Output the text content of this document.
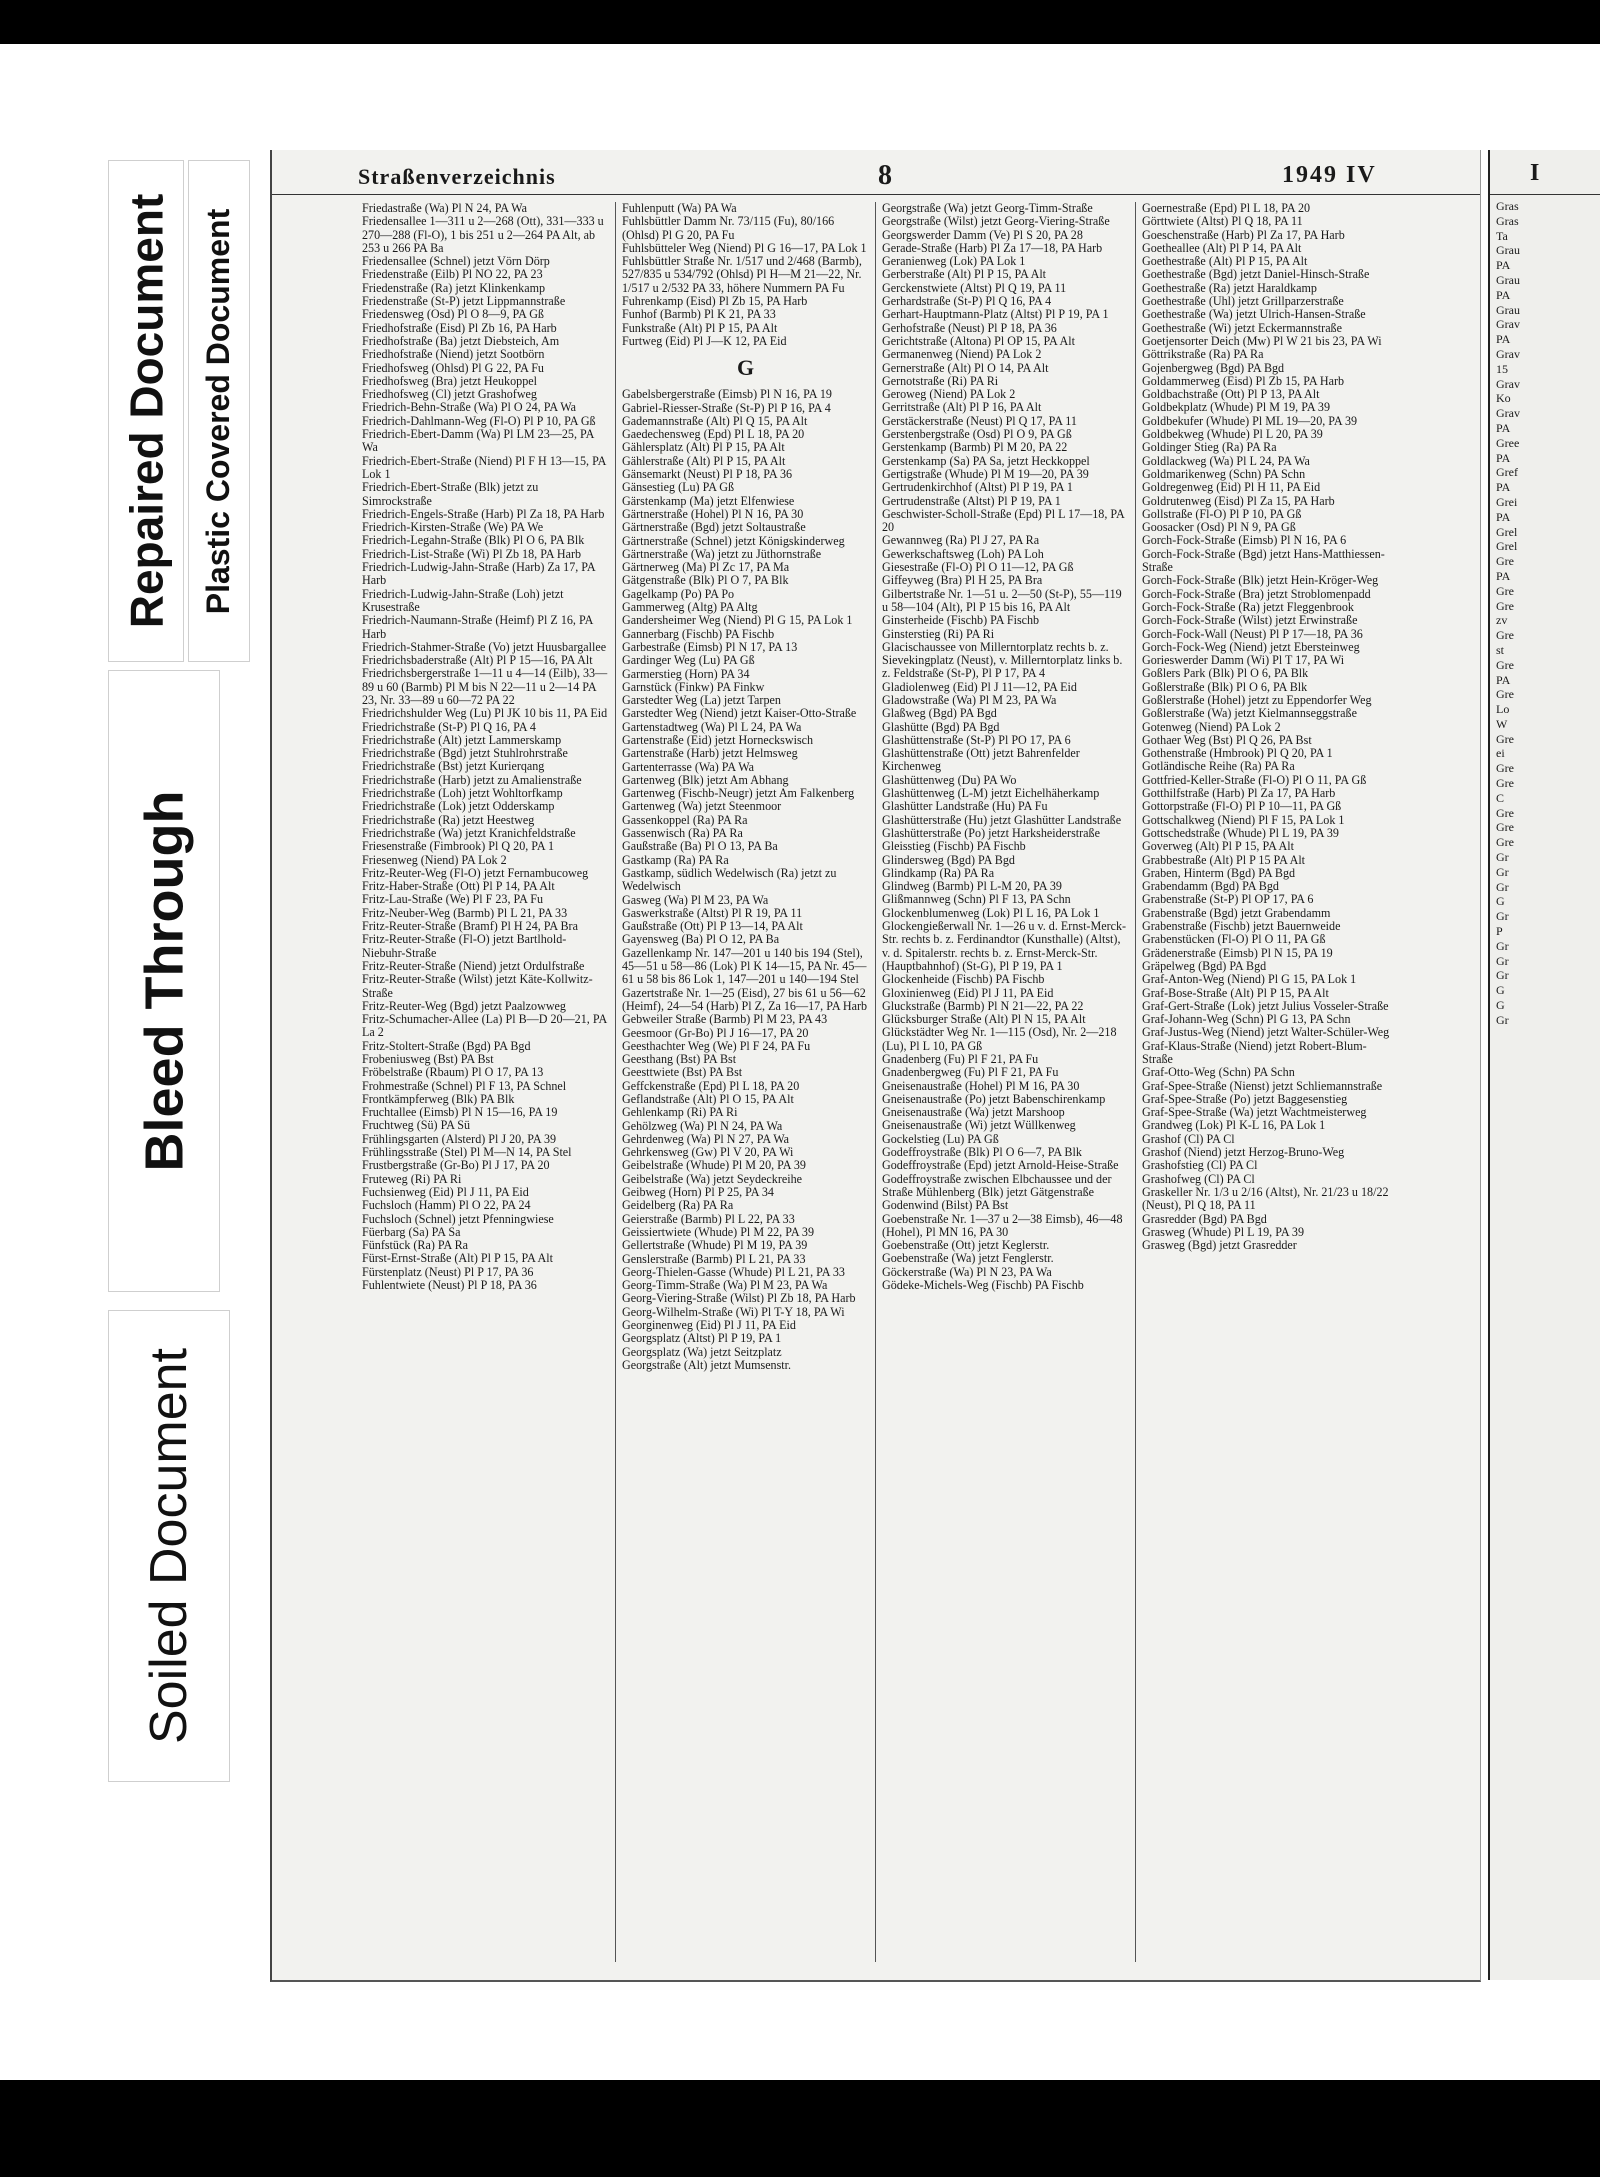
Repaired Document Plastic Covered Document
Bleed Through
Soiled Document
Straßenverzeichnis	8	1949 IV
Friedastraße (Wa) Pl N 24, PA Wa
Friedensallee 1—311 u 2—268 (Ott), 331—333 u 270—288 (Fl-O), 1 bis 251 u 2—264 PA Alt, ab 253 u 266 PA Ba
Friedensallee (Schnel) jetzt Vörn Dörp
Friedenstraße (Eilb) Pl NO 22, PA 23
Friedenstraße (Ra) jetzt Klinkenkamp
Friedenstraße (St-P) jetzt Lippmannstraße
Friedensweg (Osd) Pl O 8—9, PA Gß
Friedhofstraße (Eisd) Pl Zb 16, PA Harb
Friedhofstraße (Ba) jetzt Diebsteich, Am
Friedhofstraße (Niend) jetzt Sootbörn
Friedhofsweg (Ohlsd) Pl G 22, PA Fu
Friedhofsweg (Bra) jetzt Heukoppel
Friedhofsweg (Cl) jetzt Grashofweg
Friedrich-Behn-Straße (Wa) Pl O 24, PA Wa
Friedrich-Dahlmann-Weg (Fl-O) Pl P 10, PA Gß
Friedrich-Ebert-Damm (Wa) Pl LM 23—25, PA Wa
Friedrich-Ebert-Straße (Niend) Pl F H 13—15, PA Lok 1
Friedrich-Ebert-Straße (Blk) jetzt zu Simrockstraße
Friedrich-Engels-Straße (Harb) Pl Za 18, PA Harb
Friedrich-Kirsten-Straße (We) PA We
Friedrich-Legahn-Straße (Blk) Pl O 6, PA Blk
Friedrich-List-Straße (Wi) Pl Zb 18, PA Harb
Friedrich-Ludwig-Jahn-Straße (Harb) Za 17, PA Harb
Friedrich-Ludwig-Jahn-Straße (Loh) jetzt Krusestraße
Friedrich-Naumann-Straße (Heimf) Pl Z 16, PA Harb
Friedrich-Stahmer-Straße (Vo) jetzt Huusbargallee
Friedrichsbaderstraße (Alt) Pl P 15—16, PA Alt
Friedrichsbergerstraße 1—11 u 4—14 (Eilb), 33—89 u 60 (Barmb) Pl M bis N 22—11 u 2—14 PA 23, Nr. 33—89 u 60—72 PA 22
Friedrichshulder Weg (Lu) Pl JK 10 bis 11, PA Eid
Friedrichstraße (St-P) Pl Q 16, PA 4
Friedrichstraße (Alt) jetzt Lammerskamp
Friedrichstraße (Bgd) jetzt Stuhlrohrstraße
Friedrichstraße (Bst) jetzt Kurierqang
Friedrichstraße (Harb) jetzt zu Amalienstraße
Friedrichstraße (Loh) jetzt Wohltorfkamp
Friedrichstraße (Lok) jetzt Odderskamp
Friedrichstraße (Ra) jetzt Heestweg
Friedrichstraße (Wa) jetzt Kranichfeldstraße
Friesenstraße (Fimbrook) Pl Q 20, PA 1
Friesenweg (Niend) PA Lok 2
Fritz-Reuter-Weg (Fl-O) jetzt Fernambucoweg
Fritz-Haber-Straße (Ott) Pl P 14, PA Alt
Fritz-Lau-Straße (We) Pl F 23, PA Fu
Fritz-Neuber-Weg (Barmb) Pl L 21, PA 33
Fritz-Reuter-Straße (Bramf) Pl H 24, PA Bra
Fritz-Reuter-Straße (Fl-O) jetzt Bartlhold-Niebuhr-Straße
Fritz-Reuter-Straße (Niend) jetzt Ordulfstraße
Fritz-Reuter-Straße (Wilst) jetzt Käte-Kollwitz-Straße
Fritz-Reuter-Weg (Bgd) jetzt Paalzowweg
Fritz-Schumacher-Allee (La) Pl B—D 20—21, PA La 2
Fritz-Stoltert-Straße (Bgd) PA Bgd
Frobeniusweg (Bst) PA Bst
Fröbelstraße (Rbaum) Pl O 17, PA 13
Frohmestraße (Schnel) Pl F 13, PA Schnel
Frontkämpferweg (Blk) PA Blk
Fruchtallee (Eimsb) Pl N 15—16, PA 19
Fruchtweg (Sü) PA Sü
Frühlingsgarten (Alsterd) Pl J 20, PA 39
Frühlingsstraße (Stel) Pl M—N 14, PA Stel
Frustbergstraße (Gr-Bo) Pl J 17, PA 20
Fruteweg (Ri) PA Ri
Fuchsienweg (Eid) Pl J 11, PA Eid
Fuchsloch (Hamm) Pl O 22, PA 24
Fuchsloch (Schnel) jetzt Pfenningwiese
Füerbarg (Sa) PA Sa
Fünfstück (Ra) PA Ra
Fürst-Ernst-Straße (Alt) Pl P 15, PA Alt
Fürstenplatz (Neust) Pl P 17, PA 36
Fuhlentwiete (Neust) Pl P 18, PA 36
Fuhlenputt (Wa) PA Wa
Fuhlsbüttler Damm Nr. 73/115 (Fu), 80/166 (Ohlsd) Pl G 20, PA Fu
Fuhlsbütteler Weg (Niend) Pl G 16—17, PA Lok 1
Fuhlsbüttler Straße Nr. 1/517 und 2/468 (Barmb), 527/835 u 534/792 (Ohlsd) Pl H—M 21—22, Nr. 1/517 u 2/532 PA 33, höhere Nummern PA Fu
Fuhrenkamp (Eisd) Pl Zb 15, PA Harb
Funhof (Barmb) Pl K 21, PA 33
Funkstraße (Alt) Pl P 15, PA Alt
Furtweg (Eid) Pl J—K 12, PA Eid
G
Gabelsbergerstraße (Eimsb) Pl N 16, PA 19
Gabriel-Riesser-Straße (St-P) Pl P 16, PA 4
Gademannstraße (Alt) Pl Q 15, PA Alt
Gaedechensweg (Epd) Pl L 18, PA 20
Gählersplatz (Alt) Pl P 15, PA Alt
Gählerstraße (Alt) Pl P 15, PA Alt
Gänsemarkt (Neust) Pl P 18, PA 36
Gänsestieg (Lu) PA Gß
Gärstenkamp (Ma) jetzt Elfenwiese
Gärtnerstraße (Hohel) Pl N 16, PA 30
Gärtnerstraße (Bgd) jetzt Soltaustraße
Gärtnerstraße (Schnel) jetzt Königskinderweg
Gärtnerstraße (Wa) jetzt zu Jüthornstraße
Gärtnerweg (Ma) Pl Zc 17, PA Ma
Gätgenstraße (Blk) Pl O 7, PA Blk
Gagelkamp (Po) PA Po
Gammerweg (Altg) PA Altg
Gandersheimer Weg (Niend) Pl G 15, PA Lok 1
Gannerbarg (Fischb) PA Fischb
Garbestraße (Eimsb) Pl N 17, PA 13
Gardinger Weg (Lu) PA Gß
Garmerstieg (Horn) PA 34
Garnstück (Finkw) PA Finkw
Garstedter Weg (La) jetzt Tarpen
Garstedter Weg (Niend) jetzt Kaiser-Otto-Straße
Gartenstadtweg (Wa) Pl L 24, PA Wa
Gartenstraße (Eid) jetzt Horneckswisch
Gartenstraße (Harb) jetzt Helmsweg
Gartenterrasse (Wa) PA Wa
Gartenweg (Blk) jetzt Am Abhang
Gartenweg (Fischb-Neugr) jetzt Am Falkenberg
Gartenweg (Wa) jetzt Steenmoor
Gassenkoppel (Ra) PA Ra
Gassenwisch (Ra) PA Ra
Gaußstraße (Ba) Pl O 13, PA Ba
Gastkamp (Ra) PA Ra
Gastkamp, südlich Wedelwisch (Ra) jetzt zu Wedelwisch
Gasweg (Wa) Pl M 23, PA Wa
Gaswerkstraße (Altst) Pl R 19, PA 11
Gaußstraße (Ott) Pl P 13—14, PA Alt
Gayensweg (Ba) Pl O 12, PA Ba
Gazellenkamp Nr. 147—201 u 140 bis 194 (Stel), 45—51 u 58—86 (Lok) Pl K 14—15, PA Nr. 45—61 u 58 bis 86 Lok 1, 147—201 u 140—194 Stel
Gazertstraße Nr. 1—25 (Eisd), 27 bis 61 u 56—62 (Heimf), 24—54 (Harb) Pl Z, Za 16—17, PA Harb
Gebweiler Straße (Barmb) Pl M 23, PA 43
Geesmoor (Gr-Bo) Pl J 16—17, PA 20
Geesthachter Weg (We) Pl F 24, PA Fu
Geesthang (Bst) PA Bst
Geesttwiete (Bst) PA Bst
Geffckenstraße (Epd) Pl L 18, PA 20
Geflandstraße (Alt) Pl O 15, PA Alt
Gehlenkamp (Ri) PA Ri
Gehölzweg (Wa) Pl N 24, PA Wa
Gehrdenweg (Wa) Pl N 27, PA Wa
Gehrkensweg (Gw) Pl V 20, PA Wi
Geibelstraße (Whude) Pl M 20, PA 39
Geibelstraße (Wa) jetzt Seydeckreihe
Geibweg (Horn) Pl P 25, PA 34
Geidelberg (Ra) PA Ra
Geierstraße (Barmb) Pl L 22, PA 33
Geissiertwiete (Whude) Pl M 22, PA 39
Gellertstraße (Whude) Pl M 19, PA 39
Genslerstraße (Barmb) Pl L 21, PA 33
Georg-Thielen-Gasse (Whude) Pl L 21, PA 33
Georg-Timm-Straße (Wa) Pl M 23, PA Wa
Georg-Viering-Straße (Wilst) Pl Zb 18, PA Harb
Georg-Wilhelm-Straße (Wi) Pl T-Y 18, PA Wi
Georginenweg (Eid) Pl J 11, PA Eid
Georgsplatz (Altst) Pl P 19, PA 1
Georgsplatz (Wa) jetzt Seitzplatz
Georgstraße (Alt) jetzt Mumsenstr.
Georgstraße (Wa) jetzt Georg-Timm-Straße
Georgstraße (Wilst) jetzt Georg-Viering-Straße
Georgswerder Damm (Ve) Pl S 20, PA 28
Gerade-Straße (Harb) Pl Za 17—18, PA Harb
Geranienweg (Lok) PA Lok 1
Gerberstraße (Alt) Pl P 15, PA Alt
Gerckenstwiete (Altst) Pl Q 19, PA 11
Gerhardstraße (St-P) Pl Q 16, PA 4
Gerhart-Hauptmann-Platz (Altst) Pl P 19, PA 1
Gerhofstraße (Neust) Pl P 18, PA 36
Gerichtstraße (Altona) Pl OP 15, PA Alt
Germanenweg (Niend) PA Lok 2
Gernerstraße (Alt) Pl O 14, PA Alt
Gernotstraße (Ri) PA Ri
Geroweg (Niend) PA Lok 2
Gerritstraße (Alt) Pl P 16, PA Alt
Gerstäckerstraße (Neust) Pl Q 17, PA 11
Gerstenbergstraße (Osd) Pl O 9, PA Gß
Gerstenkamp (Barmb) Pl M 20, PA 22
Gerstenkamp (Sa) PA Sa, jetzt Heckkoppel
Gertigstraße (Whude) Pl M 19—20, PA 39
Gertrudenkirchhof (Altst) Pl P 19, PA 1
Gertrudenstraße (Altst) Pl P 19, PA 1
Geschwister-Scholl-Straße (Epd) Pl L 17—18, PA 20
Gewannweg (Ra) Pl J 27, PA Ra
Gewerkschaftsweg (Loh) PA Loh
Giesestraße (Fl-O) Pl O 11—12, PA Gß
Giffeyweg (Bra) Pl H 25, PA Bra
Gilbertstraße Nr. 1—51 u. 2—50 (St-P), 55—119 u 58—104 (Alt), Pl P 15 bis 16, PA Alt
Ginsterheide (Fischb) PA Fischb
Ginsterstieg (Ri) PA Ri
Glacischaussee von Millerntorplatz rechts b. z. Sievekingplatz (Neust), v. Millerntorplatz links b. z. Feldstraße (St-P), Pl P 17, PA 4
Gladiolenweg (Eid) Pl J 11—12, PA Eid
Gladowstraße (Wa) Pl M 23, PA Wa
Glaßweg (Bgd) PA Bgd
Glashütte (Bgd) PA Bgd
Glashüttenstraße (St-P) Pl PO 17, PA 6
Glashüttenstraße (Ott) jetzt Bahrenfelder Kirchenweg
Glashüttenweg (Du) PA Wo
Glashüttenweg (L-M) jetzt Eichelhäherkamp
Glashütter Landstraße (Hu) PA Fu
Glashütterstraße (Hu) jetzt Glashütter Landstraße
Glashütterstraße (Po) jetzt Harksheiderstraße
Gleisstieg (Fischb) PA Fischb
Glindersweg (Bgd) PA Bgd
Glindkamp (Ra) PA Ra
Glindweg (Barmb) Pl L-M 20, PA 39
Glißmannweg (Schn) Pl F 13, PA Schn
Glockenblumenweg (Lok) Pl L 16, PA Lok 1
Glockengießerwall Nr. 1—26 u v. d. Ernst-Merck-Str. rechts b. z. Ferdinandtor (Kunsthalle) (Altst), v. d. Spitalerstr. rechts b. z. Ernst-Merck-Str. (Hauptbahnhof) (St-G), Pl P 19, PA 1
Glockenheide (Fischb) PA Fischb
Gloxinienweg (Eid) Pl J 11, PA Eid
Gluckstraße (Barmb) Pl N 21—22, PA 22
Glücksburger Straße (Alt) Pl N 15, PA Alt
Glückstädter Weg Nr. 1—115 (Osd), Nr. 2—218 (Lu), Pl L 10, PA Gß
Gnadenberg (Fu) Pl F 21, PA Fu
Gnadenbergweg (Fu) Pl F 21, PA Fu
Gneisenaustraße (Hohel) Pl M 16, PA 30
Gneisenaustraße (Po) jetzt Babenschirenkamp
Gneisenaustraße (Wa) jetzt Marshoop
Gneisenaustraße (Wi) jetzt Wüllkenweg
Gockelstieg (Lu) PA Gß
Godeffroystraße (Blk) Pl O 6—7, PA Blk
Godeffroystraße (Epd) jetzt Arnold-Heise-Straße
Godeffroystraße zwischen Elbchaussee und der Straße Mühlenberg (Blk) jetzt Gätgenstraße
Godenwind (Bilst) PA Bst
Goebenstraße Nr. 1—37 u 2—38 Eimsb), 46—48 (Hohel), Pl MN 16, PA 30
Goebenstraße (Ott) jetzt Keglerstr.
Goebenstraße (Wa) jetzt Fenglerstr.
Göckerstraße (Wa) Pl N 23, PA Wa
Gödeke-Michels-Weg (Fischb) PA Fischb
Goernestraße (Epd) Pl L 18, PA 20
Görttwiete (Altst) Pl Q 18, PA 11
Goeschenstraße (Harb) Pl Za 17, PA Harb
Goetheallee (Alt) Pl P 14, PA Alt
Goethestraße (Alt) Pl P 15, PA Alt
Goethestraße (Bgd) jetzt Daniel-Hinsch-Straße
Goethestraße (Ra) jetzt Haraldkamp
Goethestraße (Uhl) jetzt Grillparzerstraße
Goethestraße (Wa) jetzt Ulrich-Hansen-Straße
Goethestraße (Wi) jetzt Eckermannstraße
Goetjensorter Deich (Mw) Pl W 21 bis 23, PA Wi
Göttrikstraße (Ra) PA Ra
Gojenbergweg (Bgd) PA Bgd
Goldammerweg (Eisd) Pl Zb 15, PA Harb
Goldbachstraße (Ott) Pl P 13, PA Alt
Goldbekplatz (Whude) Pl M 19, PA 39
Goldbekufer (Whude) Pl ML 19—20, PA 39
Goldbekweg (Whude) Pl L 20, PA 39
Goldinger Stieg (Ra) PA Ra
Goldlackweg (Wa) Pl L 24, PA Wa
Goldmarikenweg (Schn) PA Schn
Goldregenweg (Eid) Pl H 11, PA Eid
Goldrutenweg (Eisd) Pl Za 15, PA Harb
Gollstraße (Fl-O) Pl P 10, PA Gß
Goosacker (Osd) Pl N 9, PA Gß
Gorch-Fock-Straße (Eimsb) Pl N 16, PA 6
Gorch-Fock-Straße (Bgd) jetzt Hans-Matthiessen-Straße
Gorch-Fock-Straße (Blk) jetzt Hein-Kröger-Weg
Gorch-Fock-Straße (Bra) jetzt Stroblomenpadd
Gorch-Fock-Straße (Ra) jetzt Fleggenbrook
Gorch-Fock-Straße (Wilst) jetzt Erwinstraße
Gorch-Fock-Wall (Neust) Pl P 17—18, PA 36
Gorch-Fock-Weg (Niend) jetzt Ebersteinweg
Gorieswerder Damm (Wi) Pl T 17, PA Wi
Goßlers Park (Blk) Pl O 6, PA Blk
Goßlerstraße (Blk) Pl O 6, PA Blk
Goßlerstraße (Hohel) jetzt zu Eppendorfer Weg
Goßlerstraße (Wa) jetzt Kielmannseggstraße
Gotenweg (Niend) PA Lok 2
Gothaer Weg (Bst) Pl Q 26, PA Bst
Gothenstraße (Hmbrook) Pl Q 20, PA 1
Gotländische Reihe (Ra) PA Ra
Gottfried-Keller-Straße (Fl-O) Pl O 11, PA Gß
Gotthilfstraße (Harb) Pl Za 17, PA Harb
Gottorpstraße (Fl-O) Pl P 10—11, PA Gß
Gottschalkweg (Niend) Pl F 15, PA Lok 1
Gottschedstraße (Whude) Pl L 19, PA 39
Goverweg (Alt) Pl P 15, PA Alt
Grabbestraße (Alt) Pl P 15 PA Alt
Graben, Hinterm (Bgd) PA Bgd
Grabendamm (Bgd) PA Bgd
Grabenstraße (St-P) Pl OP 17, PA 6
Grabenstraße (Bgd) jetzt Grabendamm
Grabenstraße (Fischb) jetzt Bauernweide
Grabenstücken (Fl-O) Pl O 11, PA Gß
Grädenerstraße (Eimsb) Pl N 15, PA 19
Gräpelweg (Bgd) PA Bgd
Graf-Anton-Weg (Niend) Pl G 15, PA Lok 1
Graf-Bose-Straße (Alt) Pl P 15, PA Alt
Graf-Gert-Straße (Lok) jetzt Julius Vosseler-Straße
Graf-Johann-Weg (Schn) Pl G 13, PA Schn
Graf-Justus-Weg (Niend) jetzt Walter-Schüler-Weg
Graf-Klaus-Straße (Niend) jetzt Robert-Blum-Straße
Graf-Otto-Weg (Schn) PA Schn
Graf-Spee-Straße (Nienst) jetzt Schliemannstraße
Graf-Spee-Straße (Po) jetzt Baggesenstieg
Graf-Spee-Straße (Wa) jetzt Wachtmeisterweg
Grandweg (Lok) Pl K-L 16, PA Lok 1
Grashof (Cl) PA Cl
Grashof (Niend) jetzt Herzog-Bruno-Weg
Grashofstieg (Cl) PA Cl
Grashofweg (Cl) PA Cl
Graskeller Nr. 1/3 u 2/16 (Altst), Nr. 21/23 u 18/22 (Neust), Pl Q 18, PA 11
Grasredder (Bgd) PA Bgd
Grasweg (Whude) Pl L 19, PA 39
Grasweg (Bgd) jetzt Grasredder
I
Gras
Gras
Ta
Grau
PA
Grau
PA
Grau
Grav
PA
Grav
15
Grav
Ko
Grav
PA
Gree
PA
Gref
PA
Grei
PA
Grel
Grel
Gre
PA
Gre
Gre
zv
Gre
st
Gre
PA
Gre
Lo
W
Gre
ei
Gre
Gre
C
Gre
Gre
Gre
Gr
Gr
Gr
G
Gr
P
Gr
Gr
Gr
G
G
Gr
